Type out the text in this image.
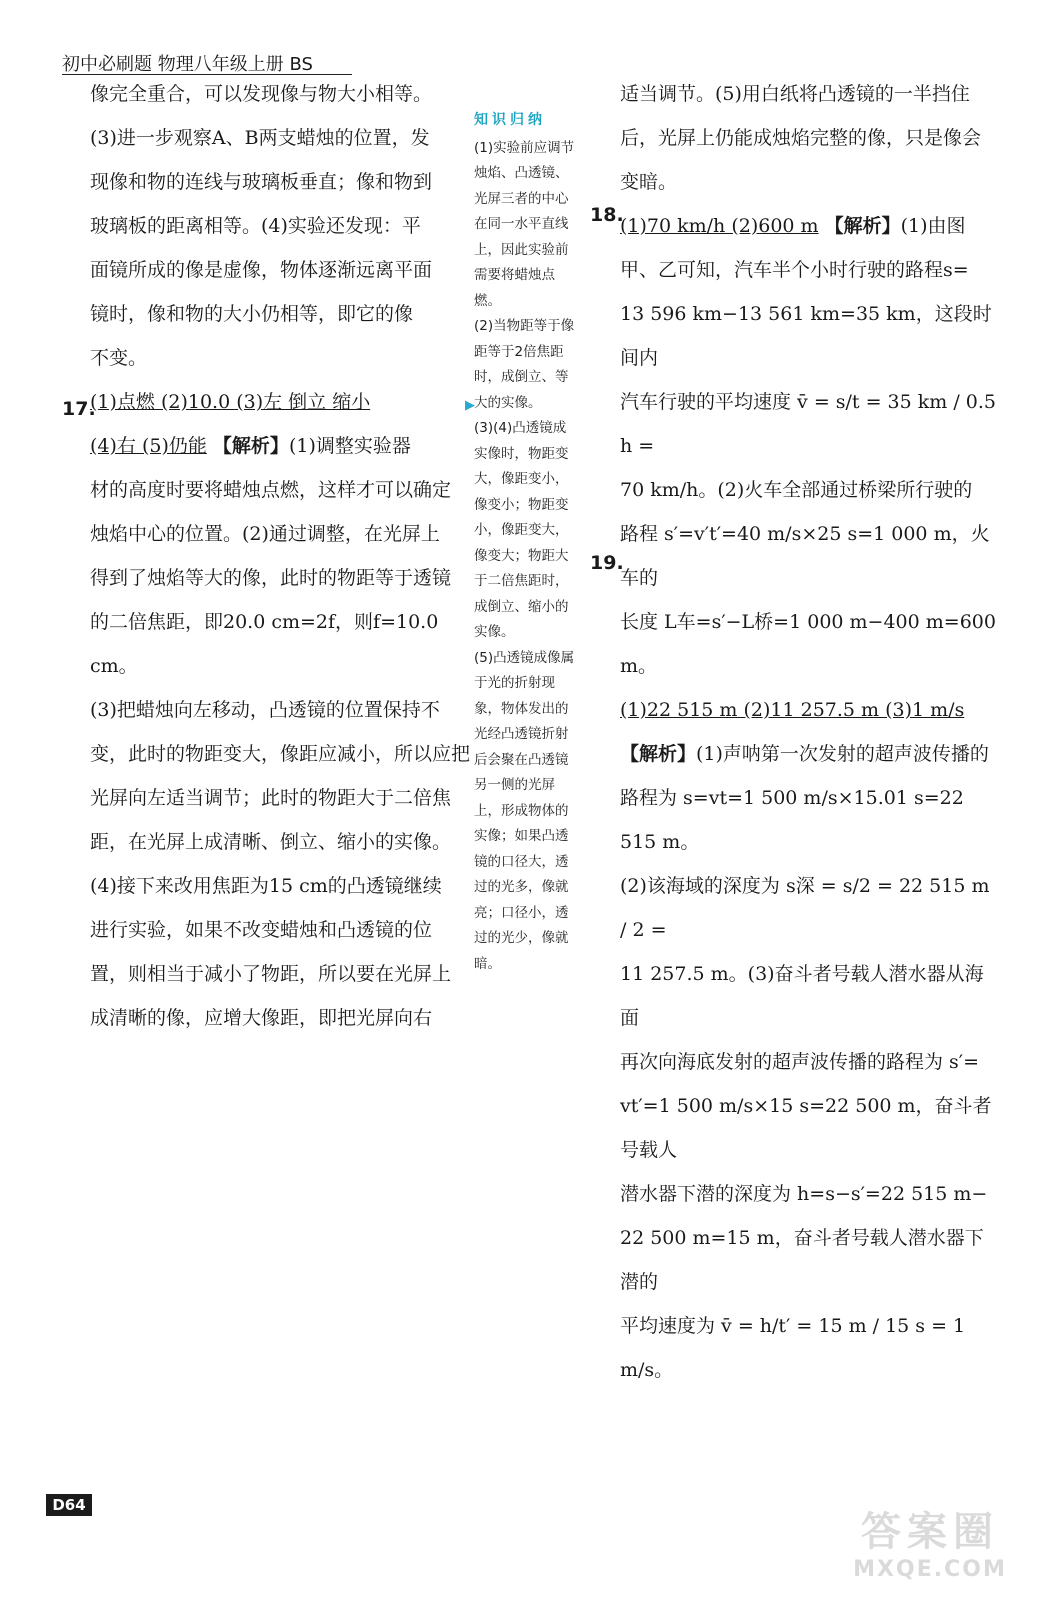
初中必刷题 物理八年级上册 BS

像完全重合，可以发现像与物大小相等。

(3)进一步观察A、B两支蜡烛的位置，发

现像和物的连线与玻璃板垂直；像和物到

玻璃板的距离相等。(4)实验还发现：平

面镜所成的像是虚像，物体逐渐远离平面

镜时，像和物的大小仍相等，即它的像

不变。

(1)点燃 (2)10.0 (3)左 倒立 缩小

(4)右 (5)仍能 【解析】(1)调整实验器

材的高度时要将蜡烛点燃，这样才可以确定

烛焰中心的位置。(2)通过调整，在光屏上

得到了烛焰等大的像，此时的物距等于透镜

的二倍焦距，即20.0 cm=2f，则f=10.0 cm。

(3)把蜡烛向左移动，凸透镜的位置保持不

变，此时的物距变大，像距应减小，所以应把

光屏向左适当调节；此时的物距大于二倍焦

距，在光屏上成清晰、倒立、缩小的实像。

(4)接下来改用焦距为15 cm的凸透镜继续

进行实验，如果不改变蜡烛和凸透镜的位

置，则相当于减小了物距，所以要在光屏上

成清晰的像，应增大像距，即把光屏向右

17.	▶
知识归纳

(1)实验前应调节烛焰、凸透镜、光屏三者的中心在同一水平直线上，因此实验前需要将蜡烛点燃。

(2)当物距等于像距等于2倍焦距时，成倒立、等大的实像。

(3)(4)凸透镜成实像时，物距变大，像距变小，像变小；物距变小，像距变大，像变大；物距大于二倍焦距时，成倒立、缩小的实像。

(5)凸透镜成像属于光的折射现象，物体发出的光经凸透镜折射后会聚在凸透镜另一侧的光屏上，形成物体的实像；如果凸透镜的口径大，透过的光多，像就亮；口径小，透过的光少，像就暗。

适当调节。(5)用白纸将凸透镜的一半挡住

后，光屏上仍能成烛焰完整的像，只是像会

变暗。

(1)70 km/h (2)600 m 【解析】(1)由图

甲、乙可知，汽车半个小时行驶的路程s=

13 596 km−13 561 km=35 km，这段时间内

汽车行驶的平均速度 v̄ = s/t = 35 km / 0.5 h =

70 km/h。(2)火车全部通过桥梁所行驶的

路程 s′=v′t′=40 m/s×25 s=1 000 m，火车的

长度 L车=s′−L桥=1 000 m−400 m=600 m。

(1)22 515 m (2)11 257.5 m (3)1 m/s

【解析】(1)声呐第一次发射的超声波传播的

路程为 s=vt=1 500 m/s×15.01 s=22 515 m。

(2)该海域的深度为 s深 = s/2 = 22 515 m / 2 =

11 257.5 m。(3)奋斗者号载人潜水器从海面

再次向海底发射的超声波传播的路程为 s′=

vt′=1 500 m/s×15 s=22 500 m，奋斗者号载人

潜水器下潜的深度为 h=s−s′=22 515 m−

22 500 m=15 m，奋斗者号载人潜水器下潜的

平均速度为 v̄ = h/t′ = 15 m / 15 s = 1 m/s。

18.
19.
D64
答案圈
MXQE.COM
